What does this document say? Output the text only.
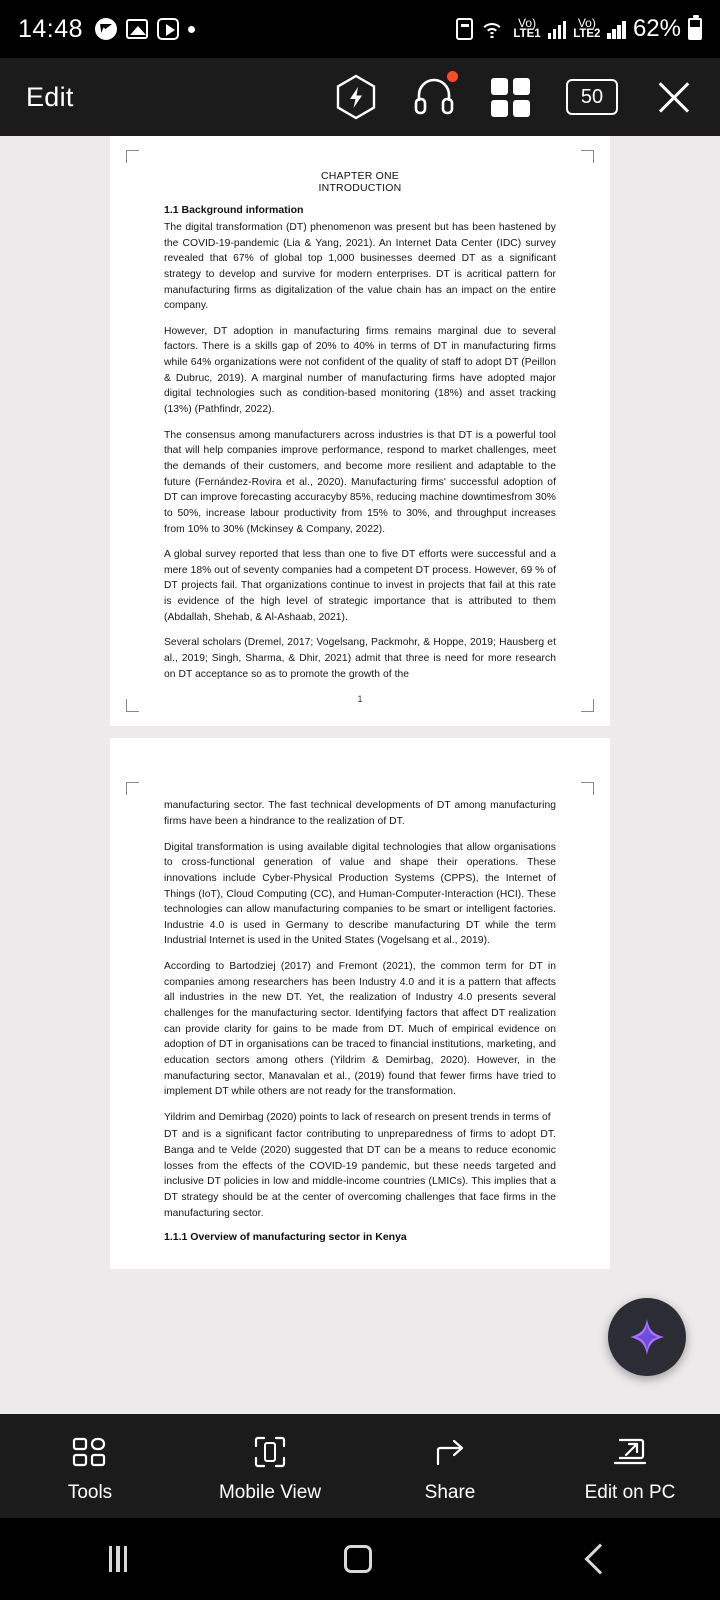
14:48	Vo)
LTE1
Vo)
LTE2 62%
Edit	50
CHAPTER ONE
INTRODUCTION
1.1 Background information

The digital transformation (DT) phenomenon was present but has been hastened by the COVID-19-pandemic (Lia & Yang, 2021). An Internet Data Center (IDC) survey revealed that 67% of global top 1,000 businesses deemed DT as a significant strategy to develop and survive for modern enterprises. DT is acritical pattern for manufacturing firms as digitalization of the value chain has an impact on the entire company.

However, DT adoption in manufacturing firms remains marginal due to several factors. There is a skills gap of 20% to 40% in terms of DT in manufacturing firms while 64% organizations were not confident of the quality of staff to adopt DT (Peillon & Dubruc, 2019). A marginal number of manufacturing firms have adopted major digital technologies such as condition-based monitoring (18%) and asset tracking (13%) (Pathfindr, 2022).

The consensus among manufacturers across industries is that DT is a powerful tool that will help companies improve performance, respond to market challenges, meet the demands of their customers, and become more resilient and adaptable to the future (Fernández-Rovira et al., 2020). Manufacturing firms' successful adoption of DT can improve forecasting accuracyby 85%, reducing machine downtimesfrom 30% to 50%, increase labour productivity from 15% to 30%, and throughput increases from 10% to 30% (Mckinsey & Company, 2022).

A global survey reported that less than one to five DT efforts were successful and a mere 18% out of seventy companies had a competent DT process. However, 69 % of DT projects fail. That organizations continue to invest in projects that fail at this rate is evidence of the high level of strategic importance that is attributed to them (Abdallah, Shehab, & Al-Ashaab, 2021).

Several scholars (Dremel, 2017; Vogelsang, Packmohr, & Hoppe, 2019; Hausberg et al., 2019; Singh, Sharma, & Dhir, 2021) admit that three is need for more research on DT acceptance so as to promote the growth of the

1

manufacturing sector. The fast technical developments of DT among manufacturing firms have been a hindrance to the realization of DT.

Digital transformation is using available digital technologies that allow organisations to cross-functional generation of value and shape their operations. These innovations include Cyber-Physical Production Systems (CPPS), the Internet of Things (IoT), Cloud Computing (CC), and Human-Computer-Interaction (HCI). These technologies can allow manufacturing companies to be smart or intelligent factories. Industrie 4.0 is used in Germany to describe manufacturing DT while the term Industrial Internet is used in the United States (Vogelsang et al., 2019).

According to Bartodziej (2017) and Fremont (2021), the common term for DT in companies among researchers has been Industry 4.0 and it is a pattern that affects all industries in the new DT. Yet, the realization of Industry 4.0 presents several challenges for the manufacturing sector. Identifying factors that affect DT realization can provide clarity for gains to be made from DT. Much of empirical evidence on adoption of DT in organisations can be traced to financial institutions, marketing, and education sectors among others (Yildrim & Demirbag, 2020). However, in the manufacturing sector, Manavalan et al., (2019) found that fewer firms have tried to implement DT while others are not ready for the transformation.

Yildrim and Demirbag (2020) points to lack of research on present trends in terms of

DT and is a significant factor contributing to unpreparedness of firms to adopt DT. Banga and te Velde (2020) suggested that DT can be a means to reduce economic losses from the effects of the COVID-19 pandemic, but these needs targeted and inclusive DT policies in low and middle-income countries (LMICs). This implies that a DT strategy should be at the center of overcoming challenges that face firms in the manufacturing sector.

1.1.1 Overview of manufacturing sector in Kenya
Tools	Mobile View	Share	Edit on PC
